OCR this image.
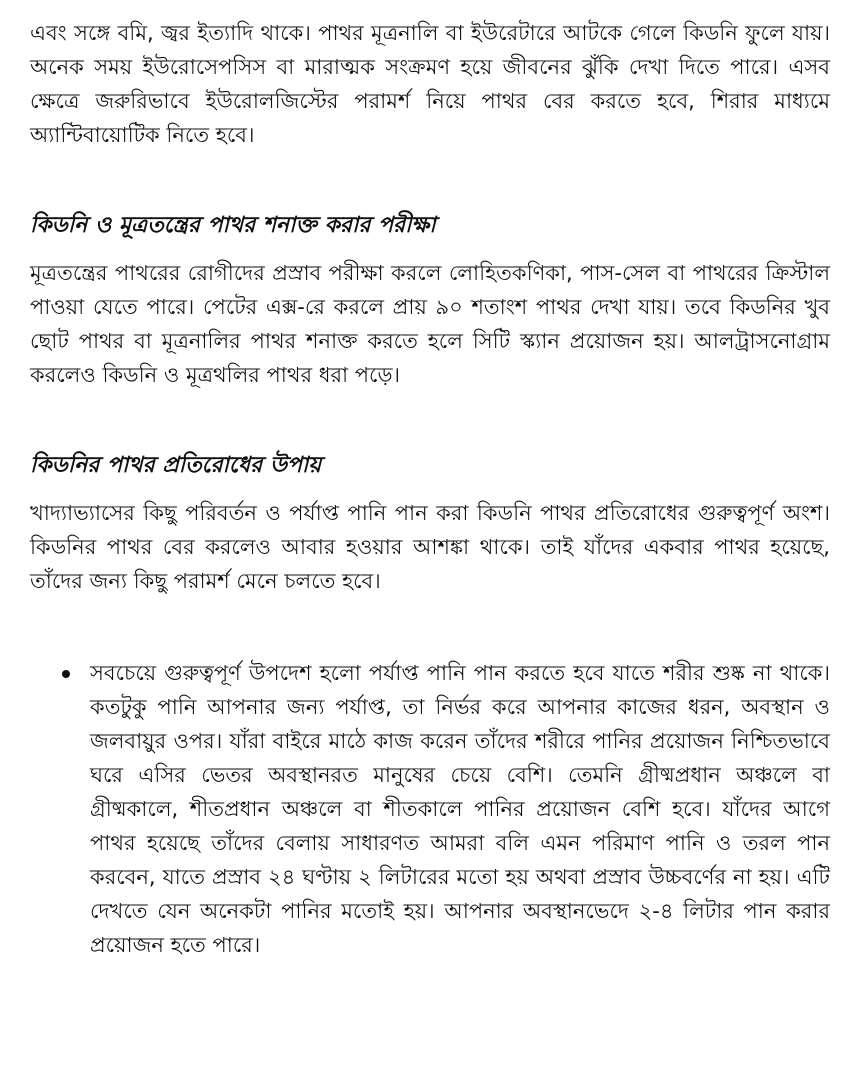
এবং সঙ্গে বমি, জ্বর ইত্যাদি থাকে। পাথর মূত্রনালি বা ইউরেটারে আটকে গেলে কিডনি ফুলে যায়। অনেক সময় ইউরোসেপসিস বা মারাত্মক সংক্রমণ হয়ে জীবনের ঝুঁকি দেখা দিতে পারে। এসব ক্ষেত্রে জরুরিভাবে ইউরোলজিস্টের পরামর্শ নিয়ে পাথর বের করতে হবে, শিরার মাধ্যমে অ্যান্টিবায়োটিক নিতে হবে।

কিডনি ও মূত্রতন্ত্রের পাথর শনাক্ত করার পরীক্ষা

মূত্রতন্ত্রের পাথরের রোগীদের প্রস্রাব পরীক্ষা করলে লোহিতকণিকা, পাস-সেল বা পাথরের ক্রিস্টাল পাওয়া যেতে পারে। পেটের এক্স-রে করলে প্রায় ৯০ শতাংশ পাথর দেখা যায়। তবে কিডনির খুব ছোট পাথর বা মূত্রনালির পাথর শনাক্ত করতে হলে সিটি স্ক্যান প্রয়োজন হয়। আলট্রাসনোগ্রাম করলেও কিডনি ও মূত্রথলির পাথর ধরা পড়ে।

কিডনির পাথর প্রতিরোধের উপায়

খাদ্যাভ্যাসের কিছু পরিবর্তন ও পর্যাপ্ত পানি পান করা কিডনি পাথর প্রতিরোধের গুরুত্বপূর্ণ অংশ। কিডনির পাথর বের করলেও আবার হওয়ার আশঙ্কা থাকে। তাই যাঁদের একবার পাথর হয়েছে, তাঁদের জন্য কিছু পরামর্শ মেনে চলতে হবে।

সবচেয়ে গুরুত্বপূর্ণ উপদেশ হলো পর্যাপ্ত পানি পান করতে হবে যাতে শরীর শুষ্ক না থাকে। কতটুকু পানি আপনার জন্য পর্যাপ্ত, তা নির্ভর করে আপনার কাজের ধরন, অবস্থান ও জলবায়ুর ওপর। যাঁরা বাইরে মাঠে কাজ করেন তাঁদের শরীরে পানির প্রয়োজন নিশ্চিতভাবে ঘরে এসির ভেতর অবস্থানরত মানুষের চেয়ে বেশি। তেমনি গ্রীষ্মপ্রধান অঞ্চলে বা গ্রীষ্মকালে, শীতপ্রধান অঞ্চলে বা শীতকালে পানির প্রয়োজন বেশি হবে। যাঁদের আগে পাথর হয়েছে তাঁদের বেলায় সাধারণত আমরা বলি এমন পরিমাণ পানি ও তরল পান করবেন, যাতে প্রস্রাব ২৪ ঘণ্টায় ২ লিটারের মতো হয় অথবা প্রস্রাব উচ্চবর্ণের না হয়। এটি দেখতে যেন অনেকটা পানির মতোই হয়। আপনার অবস্থানভেদে ২-৪ লিটার পান করার প্রয়োজন হতে পারে।
